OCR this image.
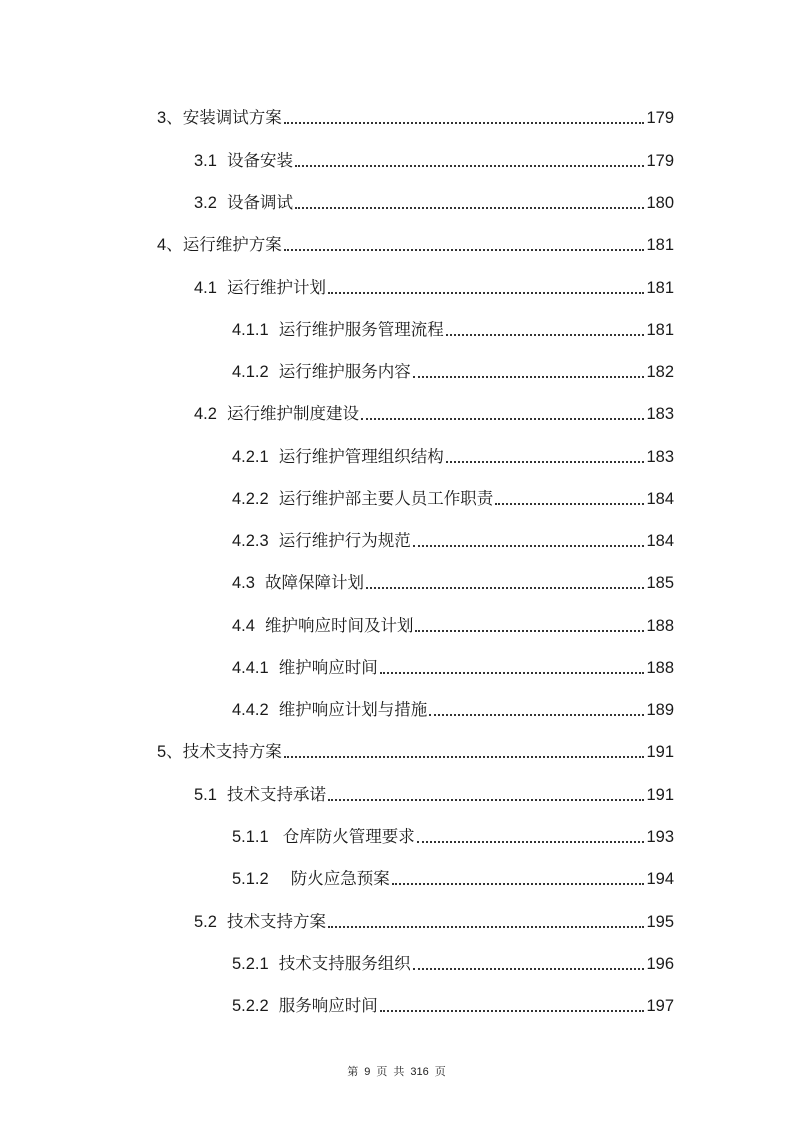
3、安装调试方案	179
3.1 设备安装	179
3.2 设备调试	180
4、运行维护方案	181
4.1 运行维护计划	181
4.1.1 运行维护服务管理流程	181
4.1.2 运行维护服务内容	182
4.2 运行维护制度建设	183
4.2.1 运行维护管理组织结构	183
4.2.2 运行维护部主要人员工作职责	184
4.2.3 运行维护行为规范	184
4.3 故障保障计划	185
4.4 维护响应时间及计划	188
4.4.1 维护响应时间	188
4.4.2 维护响应计划与措施	189
5、技术支持方案	191
5.1 技术支持承诺	191
5.1.1 仓库防火管理要求	193
5.1.2 防火应急预案	194
5.2 技术支持方案	195
5.2.1 技术支持服务组织	196
5.2.2 服务响应时间	197
第 9 页 共 316 页
